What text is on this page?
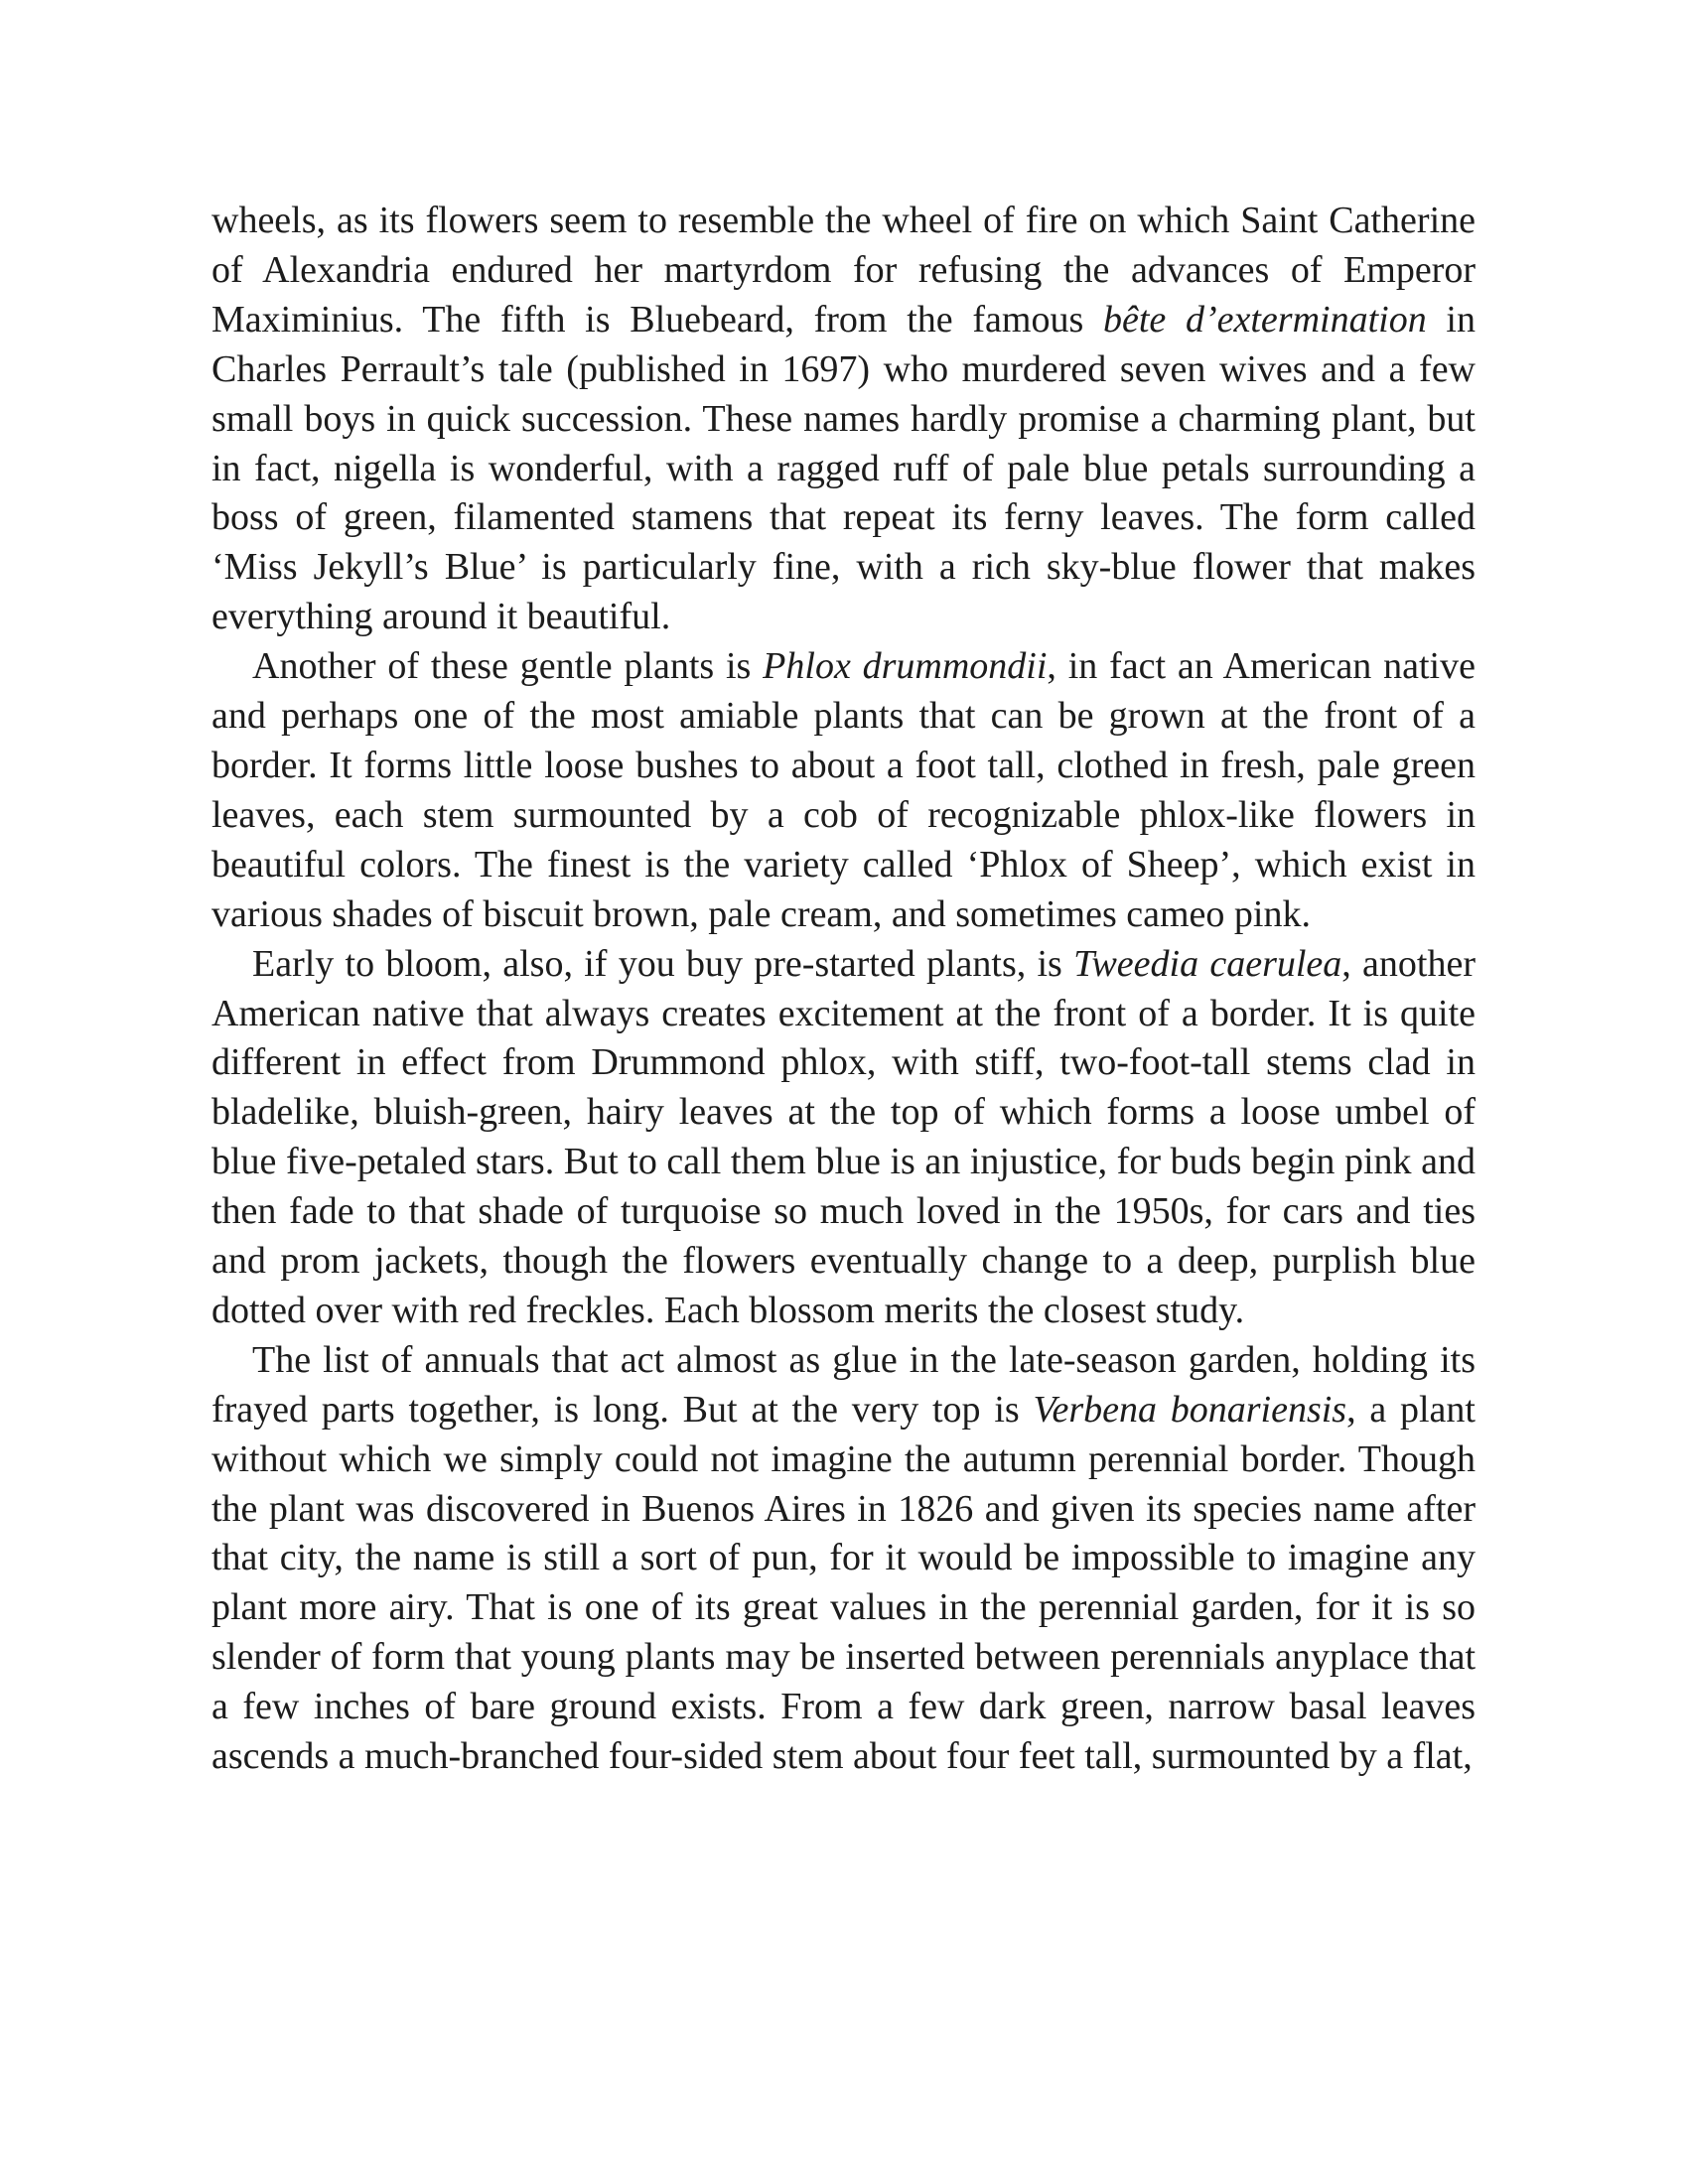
wheels, as its flowers seem to resemble the wheel of fire on which Saint Catherine of Alexandria endured her martyrdom for refusing the advances of Emperor Maximinius. The fifth is Bluebeard, from the famous bête d’extermination in Charles Perrault’s tale (published in 1697) who murdered seven wives and a few small boys in quick succession. These names hardly promise a charming plant, but in fact, nigella is wonderful, with a ragged ruff of pale blue petals surrounding a boss of green, filamented stamens that repeat its ferny leaves. The form called ‘Miss Jekyll’s Blue’ is particularly fine, with a rich sky-blue flower that makes everything around it beautiful.

Another of these gentle plants is Phlox drummondii, in fact an American native and perhaps one of the most amiable plants that can be grown at the front of a border. It forms little loose bushes to about a foot tall, clothed in fresh, pale green leaves, each stem surmounted by a cob of recognizable phlox-like flowers in beautiful colors. The finest is the variety called ‘Phlox of Sheep’, which exist in various shades of biscuit brown, pale cream, and sometimes cameo pink.

Early to bloom, also, if you buy pre-started plants, is Tweedia caerulea, another American native that always creates excitement at the front of a border. It is quite different in effect from Drummond phlox, with stiff, two-foot-tall stems clad in bladelike, bluish-green, hairy leaves at the top of which forms a loose umbel of blue five-petaled stars. But to call them blue is an injustice, for buds begin pink and then fade to that shade of turquoise so much loved in the 1950s, for cars and ties and prom jackets, though the flowers eventually change to a deep, purplish blue dotted over with red freckles. Each blossom merits the closest study.

The list of annuals that act almost as glue in the late-season garden, holding its frayed parts together, is long. But at the very top is Verbena bonariensis, a plant without which we simply could not imagine the autumn perennial border. Though the plant was discovered in Buenos Aires in 1826 and given its species name after that city, the name is still a sort of pun, for it would be impossible to imagine any plant more airy. That is one of its great values in the perennial garden, for it is so slender of form that young plants may be inserted between perennials anyplace that a few inches of bare ground exists. From a few dark green, narrow basal leaves ascends a much-branched four-sided stem about four feet tall, surmounted by a flat,
